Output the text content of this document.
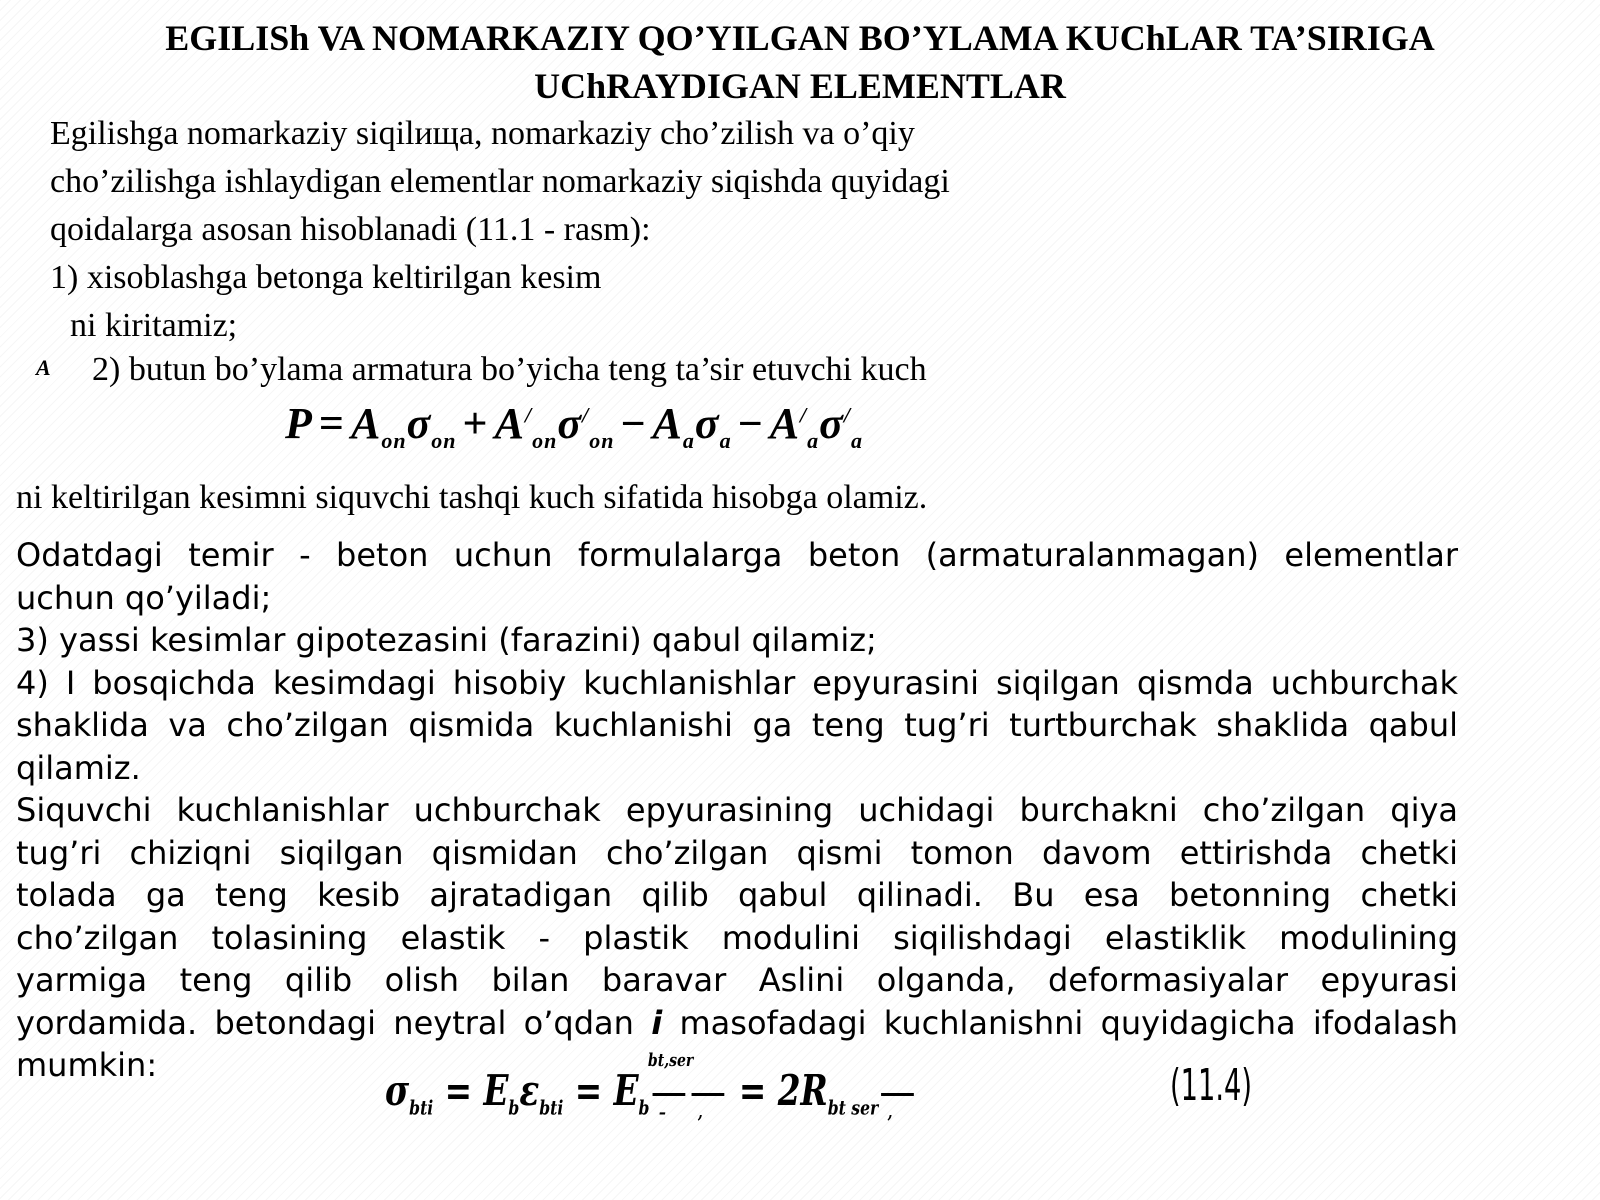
EGILISh VA NOMARKAZIY QO’YILGAN BO’YLAMA KUChLAR TA’SIRIGA
UChRAYDIGAN ELEMENTLAR
Egilishga nomarkaziy siqilища, nomarkaziy cho’zilish va o’qiy
cho’zilishga ishlaydigan elementlar nomarkaziy siqishda quyidagi
qoidalarga asosan hisoblanadi (11.1 - rasm):
1) xisoblashga betonga keltirilgan kesim
ni kiritamiz;
A 2) butun bo’ylama armatura bo’yicha teng ta’sir etuvchi kuch
$P = A_{оп}\sigma_{оп} + A^/_{оп}\sigma^/_{оп} - A_а\sigma_а - A^/_а\sigma^/_а$
ni keltirilgan kesimni siquvchi tashqi kuch sifatida hisobga olamiz.
Odatdagi temir - beton uchun formulalarga beton (armaturalanmagan) elementlar
uchun qo’yiladi;
3) yassi kesimlar gipotezasini (farazini) qabul qilamiz;
4) I bosqichda kesimdagi hisobiy kuchlanishlar epyurasini siqilgan qismda uchburchak
shaklida va cho’zilgan qismida kuchlanishi ga teng tug’ri turtburchak shaklida qabul
qilamiz.
Siquvchi kuchlanishlar uchburchak epyurasining uchidagi burchakni cho’zilgan qiya
tug’ri chiziqni siqilgan qismidan cho’zilgan qismi tomon davom ettirishda chetki
tolada ga teng kesib ajratadigan qilib qabul qilinadi. Bu esa betonning chetki
cho’zilgan tolasining elastik - plastik modulini siqilishdagi elastiklik modulining
yarmiga teng qilib olish bilan baravar Aslini olganda, deformasiyalar epyurasi
yordamida. betondagi neytral o’qdan i masofadagi kuchlanishni quyidagicha ifodalash
mumkin:
$\sigma_{bti} = E_b\varepsilon_{bti} = E_b$
bt,ser
– , = $2R_{bt ser}$ ,
(11.4)
